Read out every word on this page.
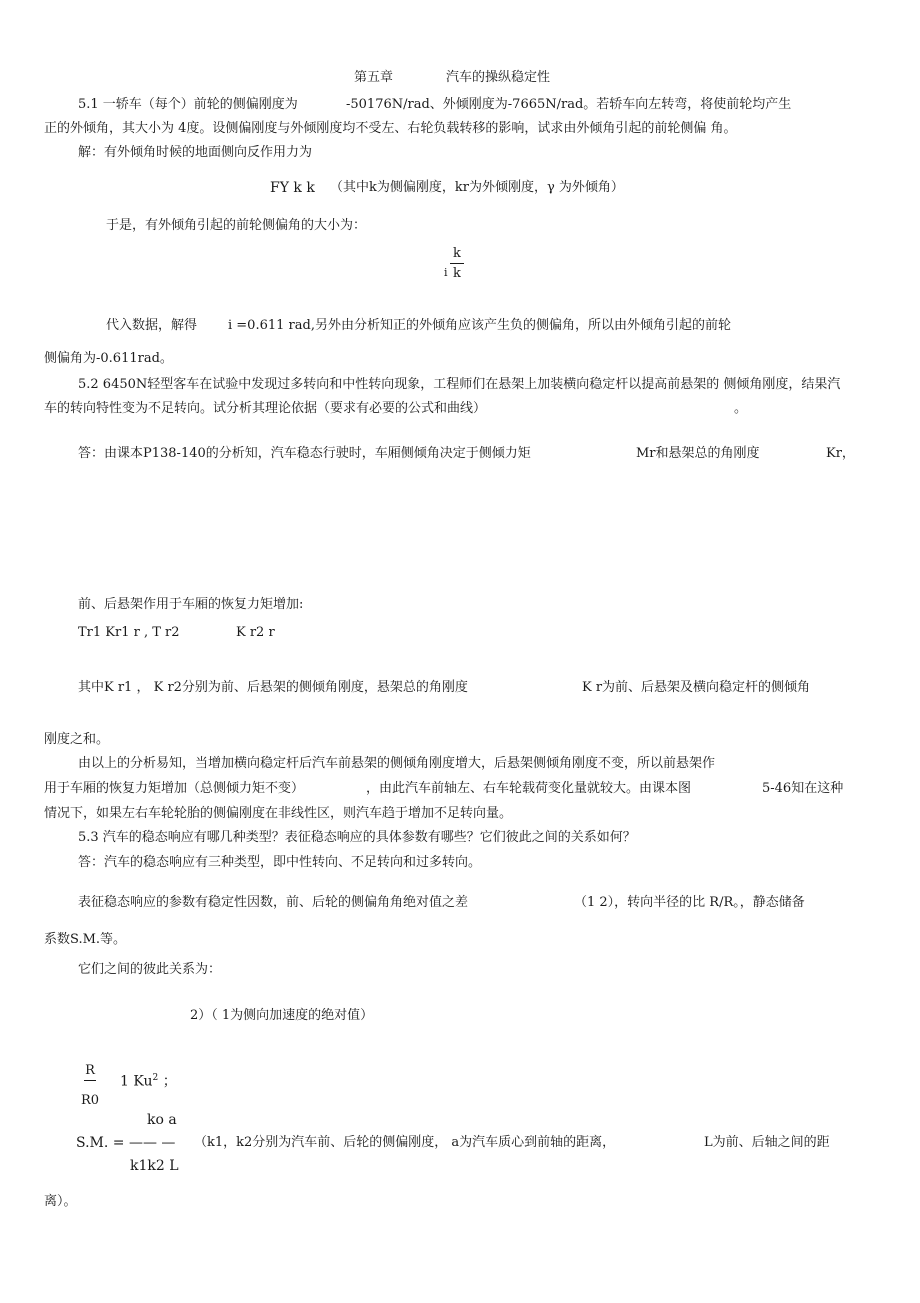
第五章	汽车的操纵稳定性
5.1 一轿车（每个）前轮的侧偏刚度为	-50176N/rad、外倾刚度为-7665N/rad。若轿车向左转弯，将使前轮均产生
正的外倾角，其大小为 4度。设侧偏刚度与外倾刚度均不受左、右轮负载转移的影响，试求由外倾角引起的前轮侧偏 角。
解：有外倾角时候的地面侧向反作用力为
FY k k （其中k为侧偏刚度，kr为外倾刚度，γ 为外倾角）
于是，有外倾角引起的前轮侧偏角的大小为：
i
k
k
代入数据，解得 i =0.611 rad,另外由分析知正的外倾角应该产生负的侧偏角，所以由外倾角引起的前轮
侧偏角为-0.611rad。
5.2 6450N轻型客车在试验中发现过多转向和中性转向现象，工程师们在悬架上加装横向稳定杆以提高前悬架的 侧倾角刚度，结果汽
车的转向特性变为不足转向。试分析其理论依据（要求有必要的公式和曲线）	。
答：由课本P138-140的分析知，汽车稳态行驶时，车厢侧倾角决定于侧倾力矩	Mr和悬架总的角刚度	Kr，
前、后悬架作用于车厢的恢复力矩增加:
Tr1 Kr1 r , T r2	K r2 r
其中K r1 ， K r2分别为前、后悬架的侧倾角刚度，悬架总的角刚度	K r为前、后悬架及横向稳定杆的侧倾角
刚度之和。
由以上的分析易知，当增加横向稳定杆后汽车前悬架的侧倾角刚度增大，后悬架侧倾角刚度不变，所以前悬架作
用于车厢的恢复力矩增加（总侧倾力矩不变）	，由此汽车前轴左、右车轮载荷变化量就较大。由课本图	5-46知在这种
情况下，如果左右车轮轮胎的侧偏刚度在非线性区，则汽车趋于增加不足转向量。
5.3 汽车的稳态响应有哪几种类型？表征稳态响应的具体参数有哪些？它们彼此之间的关系如何？
答：汽车的稳态响应有三种类型，即中性转向、不足转向和过多转向。
表征稳态响应的参数有稳定性因数，前、后轮的侧偏角角绝对值之差	（1 2），转向半径的比 R/R。，静态储备
系数S.M.等。
它们之间的彼此关系为：
2）（ 1为侧向加速度的绝对值）
R
R0
1 Ku$^2$ ；
ko a
S.M. = —— —
k1k2 L
（k1，k2分别为汽车前、后轮的侧偏刚度， a为汽车质心到前轴的距离，	L为前、后轴之间的距
离）。
